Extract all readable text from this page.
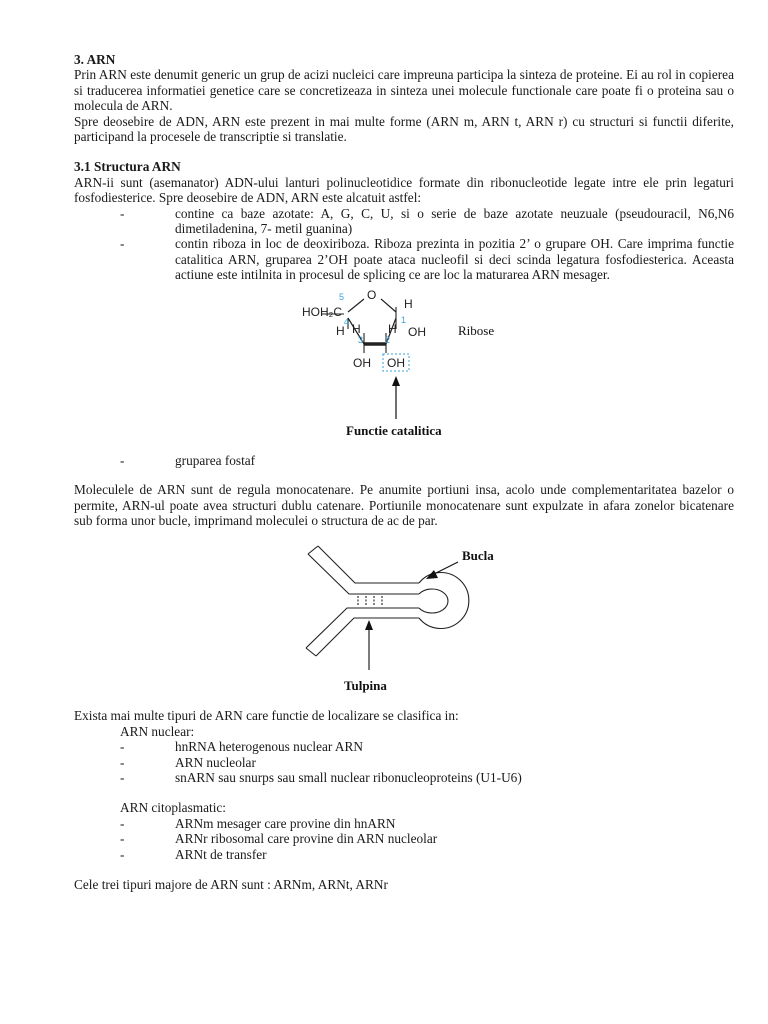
3. ARN

Prin ARN este denumit generic un grup de acizi nucleici care impreuna participa la sinteza de proteine. Ei au rol in copierea si traducerea informatiei genetice care se concretizeaza in sinteza unei molecule functionale care poate fi o proteina sau o molecula de ARN.

Spre deosebire de ADN, ARN este prezent in mai multe forme (ARN m, ARN t, ARN r) cu structuri si functii diferite, participand la procesele de transcriptie si translatie.

3.1 Structura ARN

ARN-ii sunt (asemanator) ADN-ului lanturi polinucleotidice formate din ribonucleotide legate intre ele prin legaturi fosfodiesterice. Spre deosebire de ADN, ARN este alcatuit astfel:

-	contine ca baze azotate: A, G, C, U, si o serie de baze azotate neuzuale (pseudouracil, N6,N6 dimetiladenina, 7- metil guanina)
-	contin riboza in loc de deoxiriboza. Riboza prezinta in pozitia 2’ o grupare OH. Care imprima functie catalitica ARN, gruparea 2’OH poate ataca nucleofil si deci scinda legatura fosfodiesterica. Aceasta actiune este intilnita in procesul de splicing ce are loc la maturarea ARN mesager.
HOH₂C
O
H
OH
H H H
OH OH
5
4
3 2
1
Ribose
Functie catalitica
-	gruparea fostaf

Moleculele de ARN sunt de regula monocatenare. Pe anumite portiuni insa, acolo unde complementaritatea bazelor o permite, ARN-ul poate avea structuri dublu catenare. Portiunile monocatenare sunt expulzate in afara zonelor bicatenare sub forma unor bucle, imprimand moleculei o structura de ac de par.

Bucla
Tulpina

Exista mai multe tipuri de ARN care functie de localizare se clasifica in:

ARN nuclear:

-	hnRNA heterogenous nuclear ARN
-	ARN nucleolar
-	snARN sau snurps sau small nuclear ribonucleoproteins (U1-U6)

ARN citoplasmatic:

-	ARNm mesager care provine din hnARN
-	ARNr ribosomal care provine din ARN nucleolar
-	ARNt de transfer

Cele trei tipuri majore de ARN sunt : ARNm, ARNt, ARNr
